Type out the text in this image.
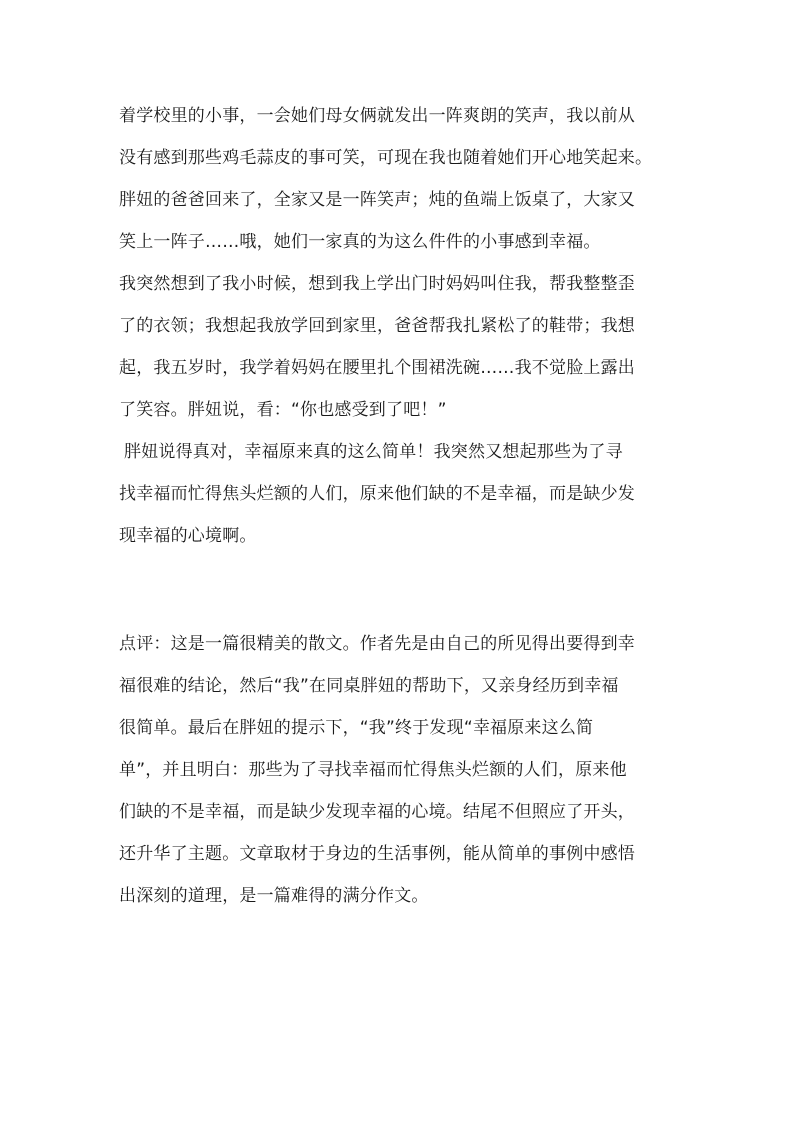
着学校里的小事，一会她们母女俩就发出一阵爽朗的笑声，我以前从
没有感到那些鸡毛蒜皮的事可笑，可现在我也随着她们开心地笑起来。
胖妞的爸爸回来了，全家又是一阵笑声；炖的鱼端上饭桌了，大家又
笑上一阵子……哦，她们一家真的为这么件件的小事感到幸福。
我突然想到了我小时候，想到我上学出门时妈妈叫住我，帮我整整歪
了的衣领；我想起我放学回到家里，爸爸帮我扎紧松了的鞋带；我想
起，我五岁时，我学着妈妈在腰里扎个围裙洗碗……我不觉脸上露出
了笑容。胖妞说，看：“你也感受到了吧！”
胖妞说得真对，幸福原来真的这么简单！我突然又想起那些为了寻
找幸福而忙得焦头烂额的人们，原来他们缺的不是幸福，而是缺少发
现幸福的心境啊。
点评：这是一篇很精美的散文。作者先是由自己的所见得出要得到幸
福很难的结论，然后“我”在同桌胖妞的帮助下，又亲身经历到幸福
很简单。最后在胖妞的提示下，“我”终于发现“幸福原来这么简
单”，并且明白：那些为了寻找幸福而忙得焦头烂额的人们，原来他
们缺的不是幸福，而是缺少发现幸福的心境。结尾不但照应了开头，
还升华了主题。文章取材于身边的生活事例，能从简单的事例中感悟
出深刻的道理，是一篇难得的满分作文。
